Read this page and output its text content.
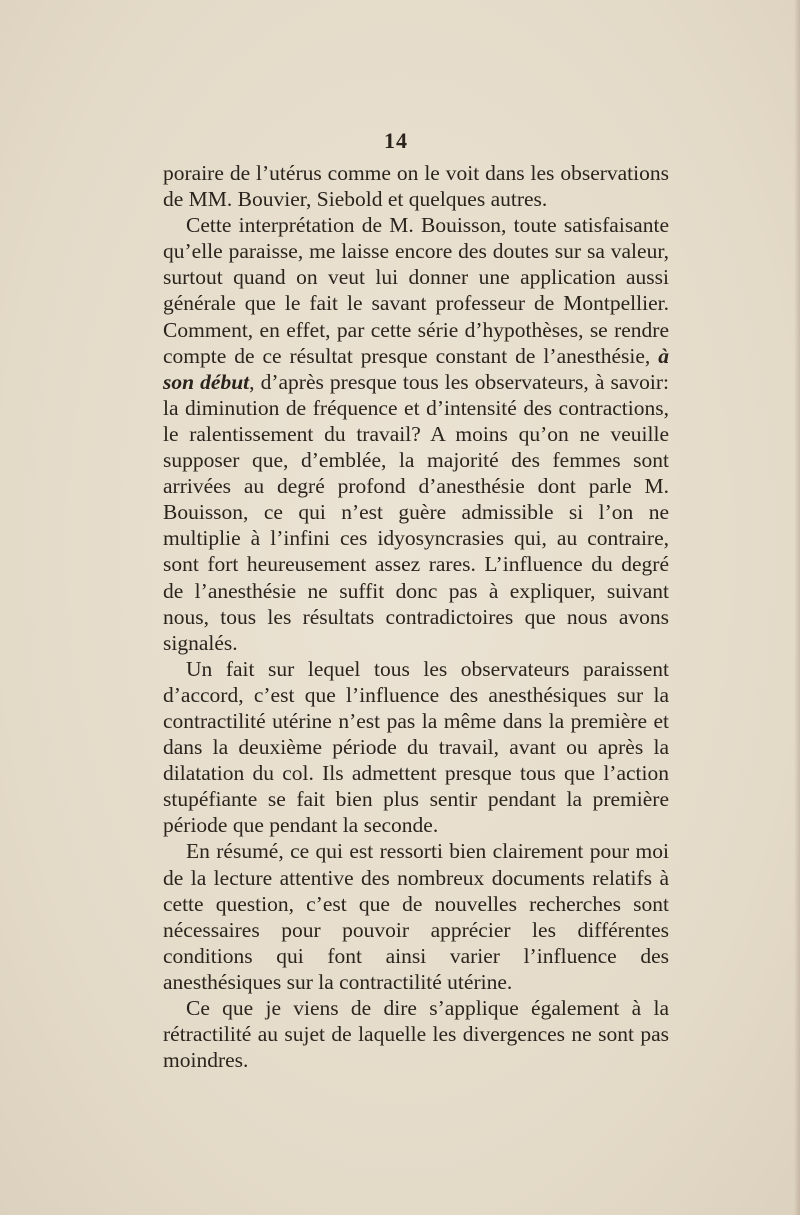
14

poraire de l’utérus comme on le voit dans les observations de MM. Bouvier, Siebold et quelques autres.

Cette interprétation de M. Bouisson, toute satisfaisante qu’elle paraisse, me laisse encore des doutes sur sa valeur, surtout quand on veut lui donner une application aussi générale que le fait le savant professeur de Montpellier. Comment, en effet, par cette série d’hypothèses, se rendre compte de ce résultat presque constant de l’anesthésie, à son début, d’après presque tous les observateurs, à savoir: la diminution de fréquence et d’intensité des contractions, le ralentissement du travail? A moins qu’on ne veuille supposer que, d’emblée, la majorité des femmes sont arrivées au degré profond d’anesthésie dont parle M. Bouisson, ce qui n’est guère admissible si l’on ne multiplie à l’infini ces idyosyncrasies qui, au contraire, sont fort heureusement assez rares. L’influence du degré de l’anesthésie ne suffit donc pas à expliquer, suivant nous, tous les résultats contradictoires que nous avons signalés.

Un fait sur lequel tous les observateurs paraissent d’accord, c’est que l’influence des anesthésiques sur la contractilité utérine n’est pas la même dans la première et dans la deuxième période du travail, avant ou après la dilatation du col. Ils admettent presque tous que l’action stupéfiante se fait bien plus sentir pendant la première période que pendant la seconde.

En résumé, ce qui est ressorti bien clairement pour moi de la lecture attentive des nombreux documents relatifs à cette question, c’est que de nouvelles recherches sont nécessaires pour pouvoir apprécier les différentes conditions qui font ainsi varier l’influence des anesthésiques sur la contractilité utérine.

Ce que je viens de dire s’applique également à la rétractilité au sujet de laquelle les divergences ne sont pas moindres.
